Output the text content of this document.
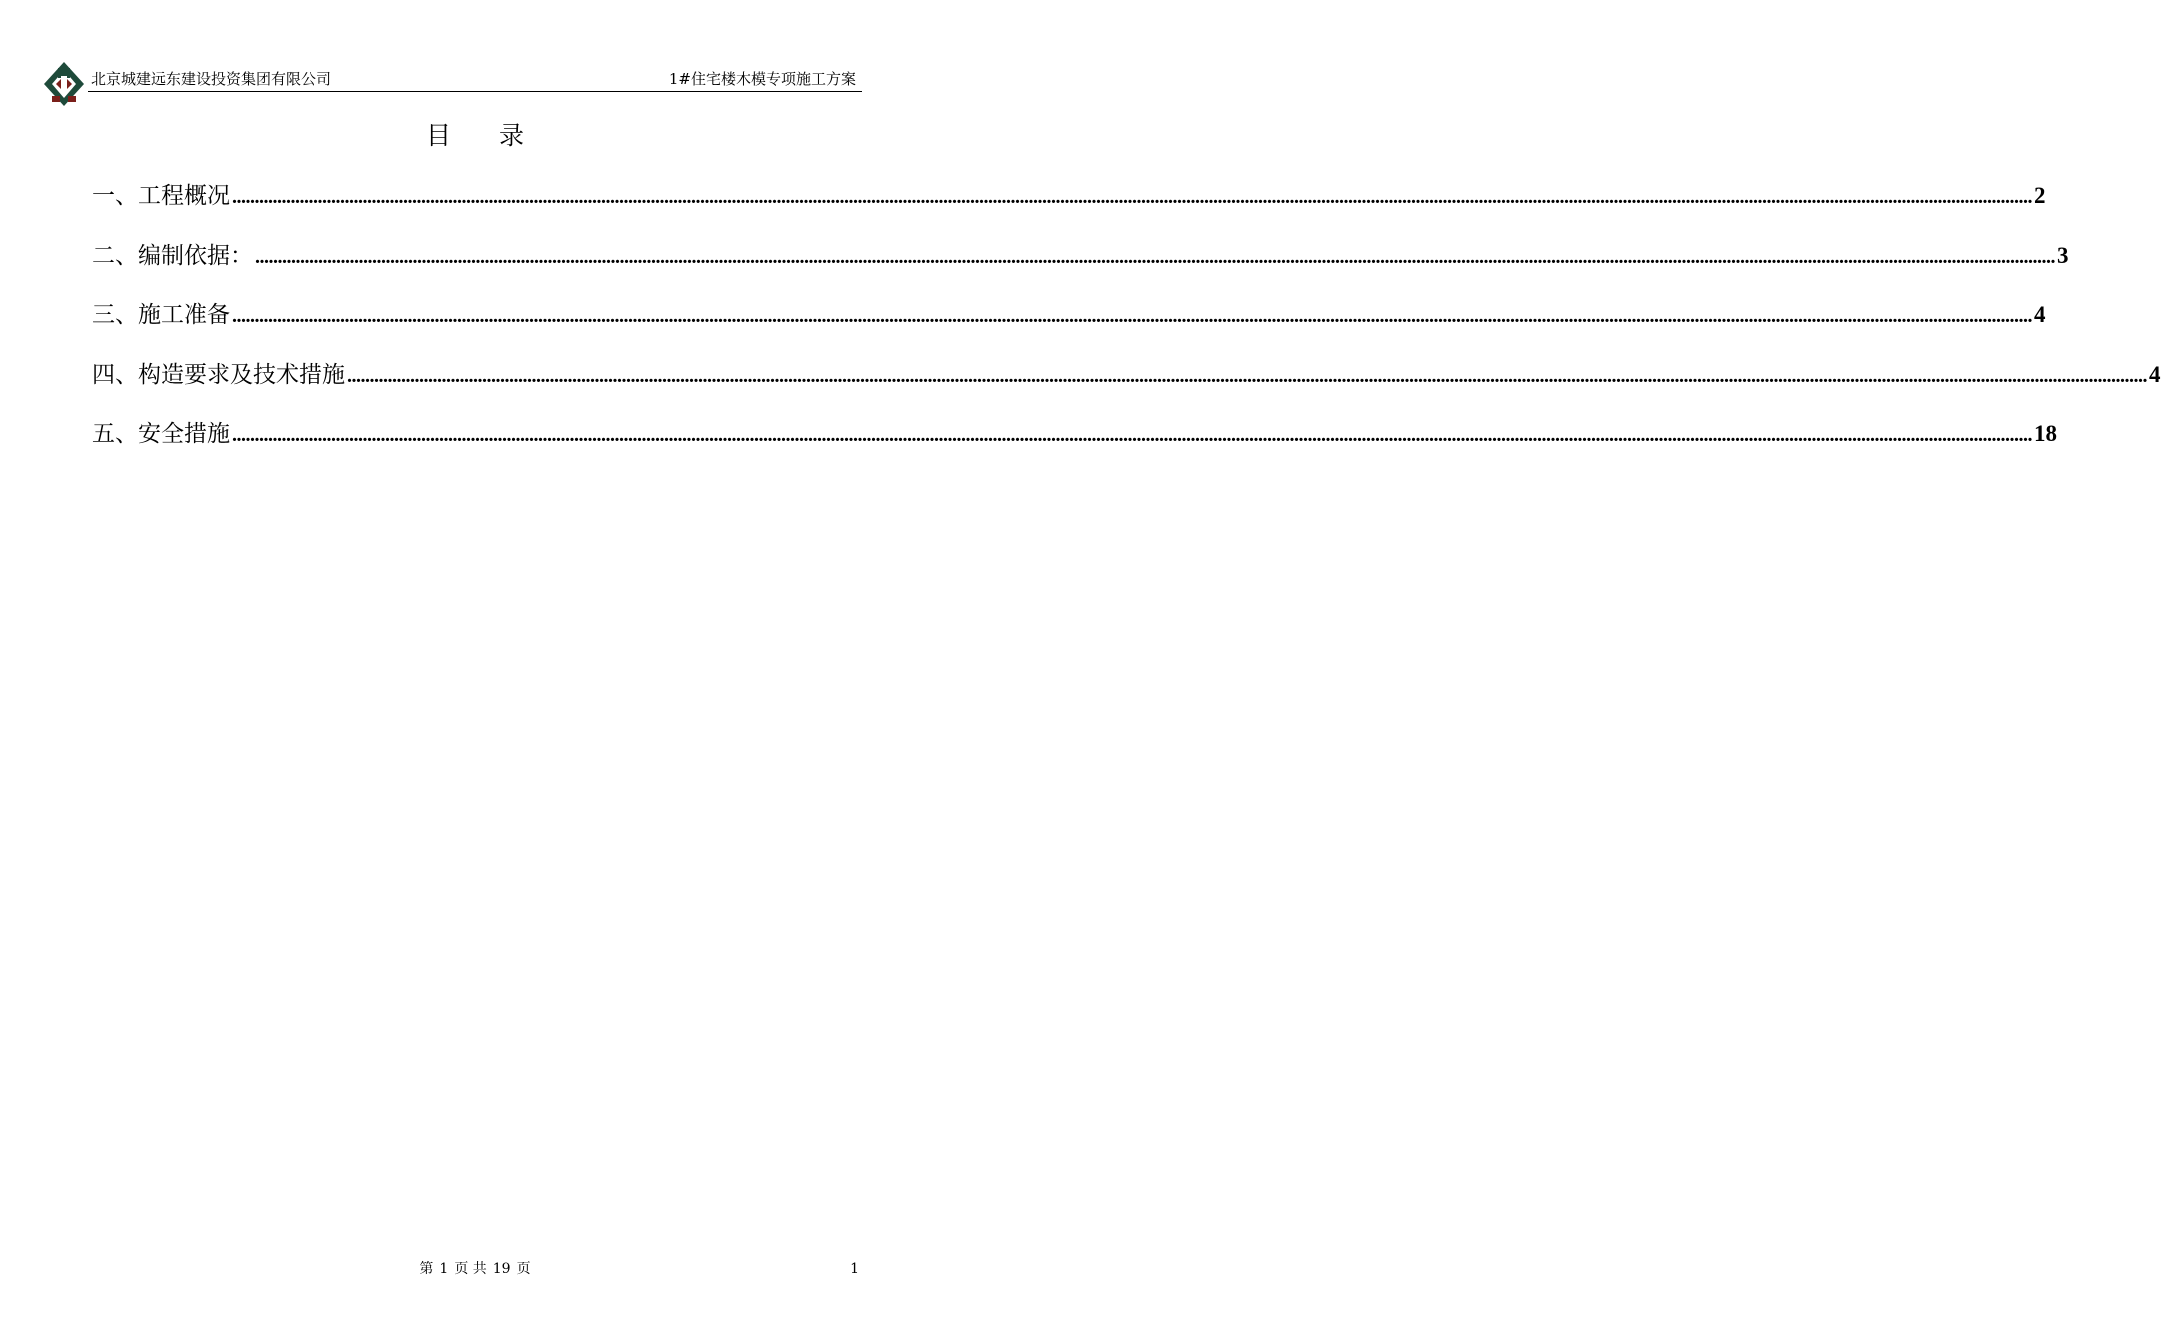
北京城建远东建设投资集团有限公司	1#住宅楼木模专项施工方案
目录
一、工程概况 ................................................................................................................................................................................................................................................................................................................................................................................................................ 2
二、编制依据： ................................................................................................................................................................................................................................................................................................................................................................................................................ 3
三、施工准备 ................................................................................................................................................................................................................................................................................................................................................................................................................ 4
四、构造要求及技术措施 ................................................................................................................................................................................................................................................................................................................................................................................................................ 4
五、安全措施 ................................................................................................................................................................................................................................................................................................................................................................................................................ 18
第 1 页 共 19 页	1
